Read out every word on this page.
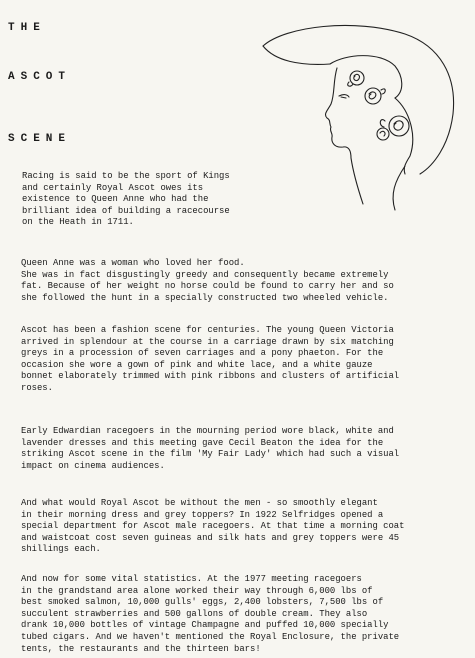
THE
ASCOT
SCENE

Racing is said to be the sport of Kings
and certainly Royal Ascot owes its
existence to Queen Anne who had the
brilliant idea of building a racecourse
on the Heath in 1711.

Queen Anne was a woman who loved her food.
She was in fact disgustingly greedy and consequently became extremely
fat. Because of her weight no horse could be found to carry her and so
she followed the hunt in a specially constructed two wheeled vehicle.

Ascot has been a fashion scene for centuries. The young Queen Victoria
arrived in splendour at the course in a carriage drawn by six matching
greys in a procession of seven carriages and a pony phaeton. For the
occasion she wore a gown of pink and white lace, and a white gauze
bonnet elaborately trimmed with pink ribbons and clusters of artificial
roses.

Early Edwardian racegoers in the mourning period wore black, white and
lavender dresses and this meeting gave Cecil Beaton the idea for the
striking Ascot scene in the film 'My Fair Lady' which had such a visual
impact on cinema audiences.

And what would Royal Ascot be without the men - so smoothly elegant
in their morning dress and grey toppers? In 1922 Selfridges opened a
special department for Ascot male racegoers. At that time a morning coat
and waistcoat cost seven guineas and silk hats and grey toppers were 45
shillings each.

And now for some vital statistics. At the 1977 meeting racegoers
in the grandstand area alone worked their way through 6,000 lbs of
best smoked salmon, 10,000 gulls' eggs, 2,400 lobsters, 7,500 lbs of
succulent strawberries and 500 gallons of double cream. They also
drank 10,000 bottles of vintage Champagne and puffed 10,000 specially
tubed cigars. And we haven't mentioned the Royal Enclosure, the private
tents, the restaurants and the thirteen bars!
